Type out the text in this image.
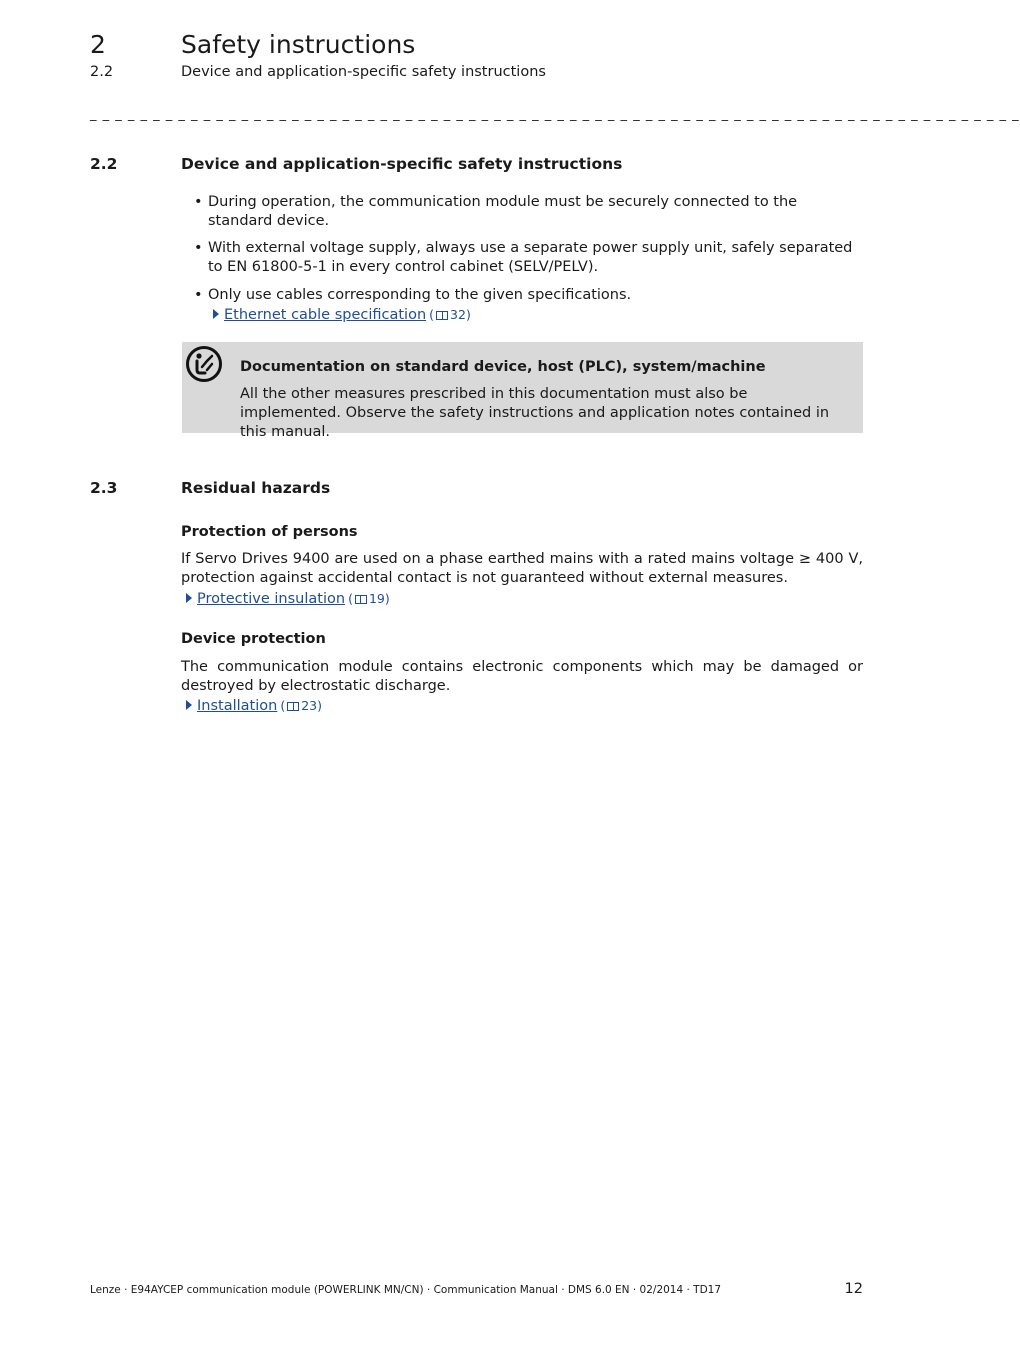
2	Safety instructions
2.2	Device and application-specific safety instructions
_ _ _ _ _ _ _ _ _ _ _ _ _ _ _ _ _ _ _ _ _ _ _ _ _ _ _ _ _ _ _ _ _ _ _ _ _ _ _ _ _ _ _ _ _ _ _ _ _ _ _ _ _ _ _ _ _ _ _ _ _ _ _ _ _ _ _ _ _ _ _ _ _ _
2.2	Device and application-specific safety instructions
• During operation, the communication module must be securely connected to the standard device.
• With external voltage supply, always use a separate power supply unit, safely separated to EN 61800-5-1 in every control cabinet (SELV/PELV).
• Only use cables corresponding to the given specifications.
Ethernet cable specification ( 32)
Documentation on standard device, host (PLC), system/machine
All the other measures prescribed in this documentation must also be implemented. Observe the safety instructions and application notes contained in this manual.
2.3	Residual hazards
Protection of persons
If Servo Drives 9400 are used on a phase earthed mains with a rated mains voltage ≥ 400 V, protection against accidental contact is not guaranteed without external measures.
Protective insulation ( 19)
Device protection
The communication module contains electronic components which may be damaged or destroyed by electrostatic discharge.
Installation ( 23)
Lenze · E94AYCEP communication module (POWERLINK MN/CN) · Communication Manual · DMS 6.0 EN · 02/2014 · TD17	12
